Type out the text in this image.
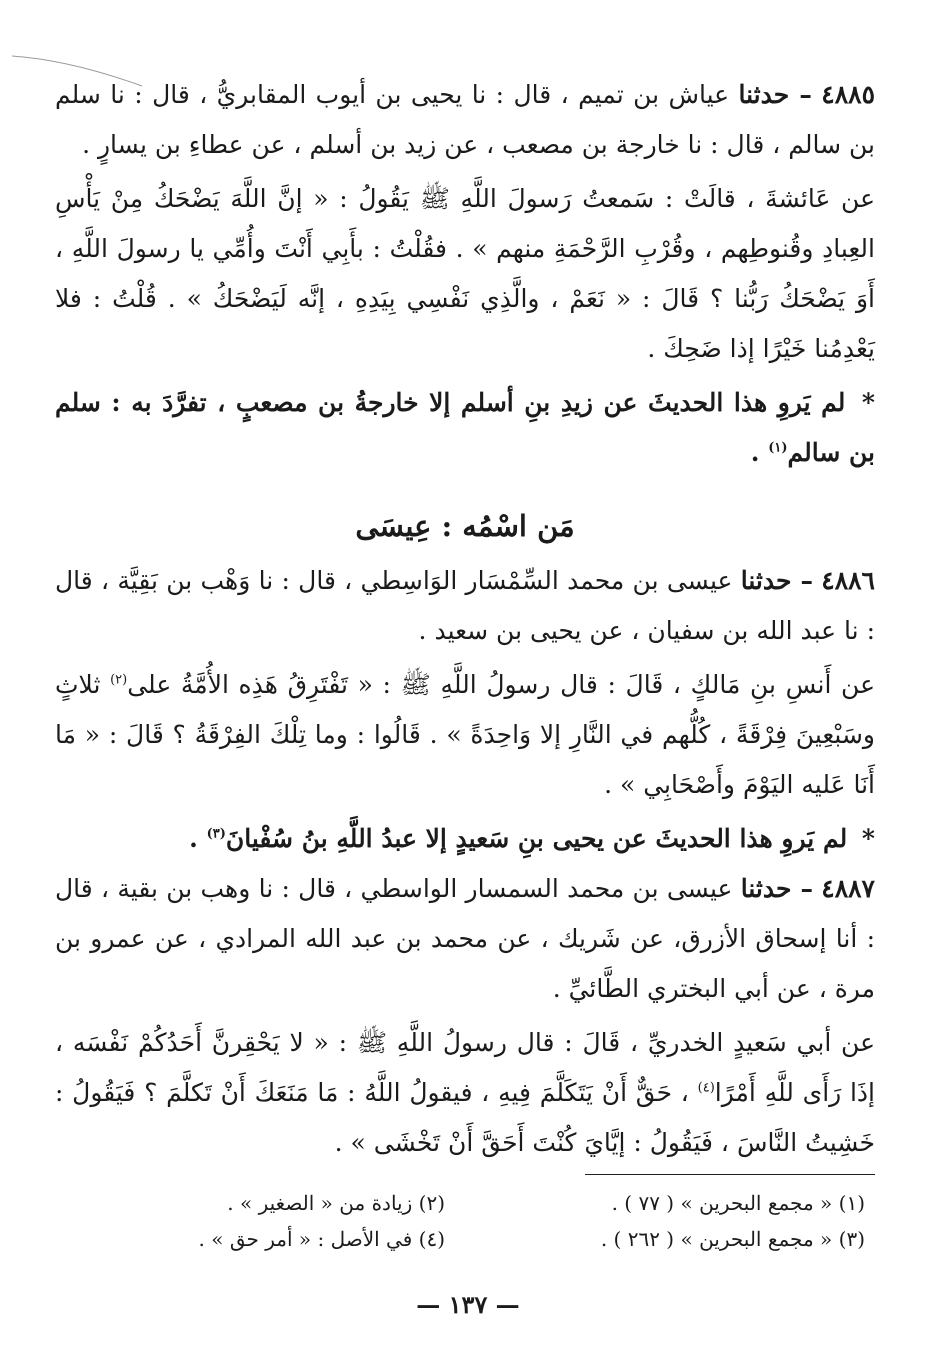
٤٨٨٥ – حدثنا عياش بن تميم ، قال : نا يحيى بن أيوب المقابريُّ ، قال : نا سلم بن سالم ، قال : نا خارجة بن مصعب ، عن زيد بن أسلم ، عن عطاءِ بن يسارٍ .

عن عَائشةَ ، قالَتْ : سَمعتُ رَسولَ اللَّهِ ﷺ يَقُولُ : « إنَّ اللَّهَ يَضْحَكُ مِنْ يَأْسِ العِبادِ وقُنوطِهم ، وقُرْبِ الرَّحْمَةِ منهم » . فقُلْتُ : بأَبِي أَنْتَ وأُمِّي يا رسولَ اللَّهِ ، أَوَ يَضْحَكُ رَبُّنا ؟ قَالَ : « نَعَمْ ، والَّذِي نَفْسِي بِيَدِهِ ، إنَّه لَيَضْحَكُ » . قُلْتُ : فلا يَعْدِمُنا خَيْرًا إذا ضَحِكَ .

* لم يَروِ هذا الحديثَ عن زيدِ بنِ أسلم إلا خارجةُ بن مصعبٍ ، تفرَّدَ به : سلم بن سالم$^{(١)}$ .

مَن اسْمُه : عِيسَى

٤٨٨٦ – حدثنا عيسى بن محمد السِّمْسَار الوَاسِطي ، قال : نا وَهْب بن بَقِيَّة ، قال : نا عبد الله بن سفيان ، عن يحيى بن سعيد .

عن أَنسِ بنِ مَالكٍ ، قَالَ : قال رسولُ اللَّهِ ﷺ : « تَفْتَرِقُ هَذِه الأُمَّةُ على$^{(٢)}$ ثلاثٍ وسَبْعِينَ فِرْقَةً ، كُلُّهم في النَّارِ إلا وَاحِدَةً » . قَالُوا : وما تِلْكَ الفِرْقَةُ ؟ قَالَ : « مَا أَنَا عَليه اليَوْمَ وأَصْحَابِي » .

* لم يَروِ هذا الحديثَ عن يحيى بنِ سَعيدٍ إلا عبدُ اللَّهِ بنُ سُفْيانَ$^{(٣)}$ .

٤٨٨٧ – حدثنا عيسى بن محمد السمسار الواسطي ، قال : نا وهب بن بقية ، قال : أنا إسحاق الأزرق، عن شَريك ، عن محمد بن عبد الله المرادي ، عن عمرو بن مرة ، عن أبي البختري الطَّائيِّ .

عن أبي سَعيدٍ الخدريِّ ، قَالَ : قال رسولُ اللَّهِ ﷺ : « لا يَحْقِرنَّ أَحَدُكُمْ نَفْسَه ، إذَا رَأَى للَّهِ أَمْرًا$^{(٤)}$ ، حَقٌّ أَنْ يَتَكَلَّمَ فِيهِ ، فيقولُ اللَّهُ : مَا مَنَعَكَ أَنْ تَكلَّمَ ؟ فَيَقُولُ : خَشِيتُ النَّاسَ ، فَيَقُولُ : إيَّايَ كُنْتَ أَحَقَّ أَنْ تَخْشَى » .

(١) « مجمع البحرين » ( ٧٧ ) .
(٢) زيادة من « الصغير » .
(٣) « مجمع البحرين » ( ٢٦٢ ) .
(٤) في الأصل : « أمر حق » .
— ١٣٧ —
